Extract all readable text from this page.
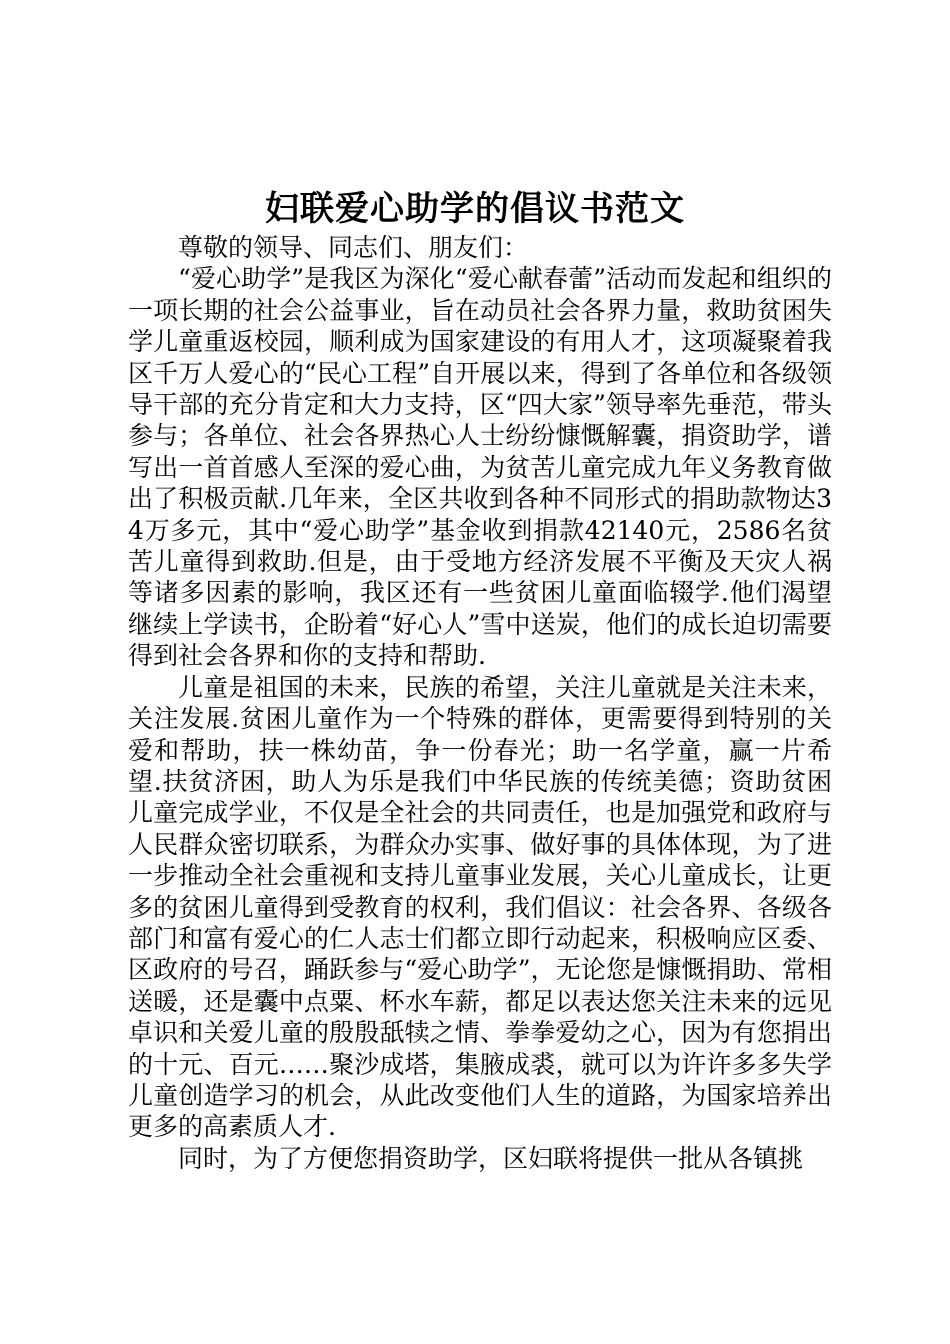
妇联爱心助学的倡议书范文

尊敬的领导、同志们、朋友们：

“爱心助学”是我区为深化“爱心献春蕾”活动而发起和组织的一项长期的社会公益事业，旨在动员社会各界力量，救助贫困失学儿童重返校园，顺利成为国家建设的有用人才，这项凝聚着我区千万人爱心的“民心工程”自开展以来，得到了各单位和各级领导干部的充分肯定和大力支持，区“四大家”领导率先垂范，带头参与；各单位、社会各界热心人士纷纷慷慨解囊，捐资助学，谱写出一首首感人至深的爱心曲，为贫苦儿童完成九年义务教育做出了积极贡献.几年来，全区共收到各种不同形式的捐助款物达34万多元，其中“爱心助学”基金收到捐款42140元，2586名贫苦儿童得到救助.但是，由于受地方经济发展不平衡及天灾人祸等诸多因素的影响，我区还有一些贫困儿童面临辍学.他们渴望继续上学读书，企盼着“好心人”雪中送炭，他们的成长迫切需要得到社会各界和你的支持和帮助.

儿童是祖国的未来，民族的希望，关注儿童就是关注未来，关注发展.贫困儿童作为一个特殊的群体，更需要得到特别的关爱和帮助，扶一株幼苗，争一份春光；助一名学童，赢一片希望.扶贫济困，助人为乐是我们中华民族的传统美德；资助贫困儿童完成学业，不仅是全社会的共同责任，也是加强党和政府与人民群众密切联系，为群众办实事、做好事的具体体现，为了进一步推动全社会重视和支持儿童事业发展，关心儿童成长，让更多的贫困儿童得到受教育的权利，我们倡议：社会各界、各级各部门和富有爱心的仁人志士们都立即行动起来，积极响应区委、区政府的号召，踊跃参与“爱心助学”，无论您是慷慨捐助、常相送暖，还是囊中点粟、杯水车薪，都足以表达您关注未来的远见卓识和关爱儿童的殷殷舐犊之情、拳拳爱幼之心，因为有您捐出的十元、百元……聚沙成塔，集腋成裘，就可以为许许多多失学儿童创造学习的机会，从此改变他们人生的道路，为国家培养出更多的高素质人才.

同时，为了方便您捐资助学，区妇联将提供一批从各镇挑
